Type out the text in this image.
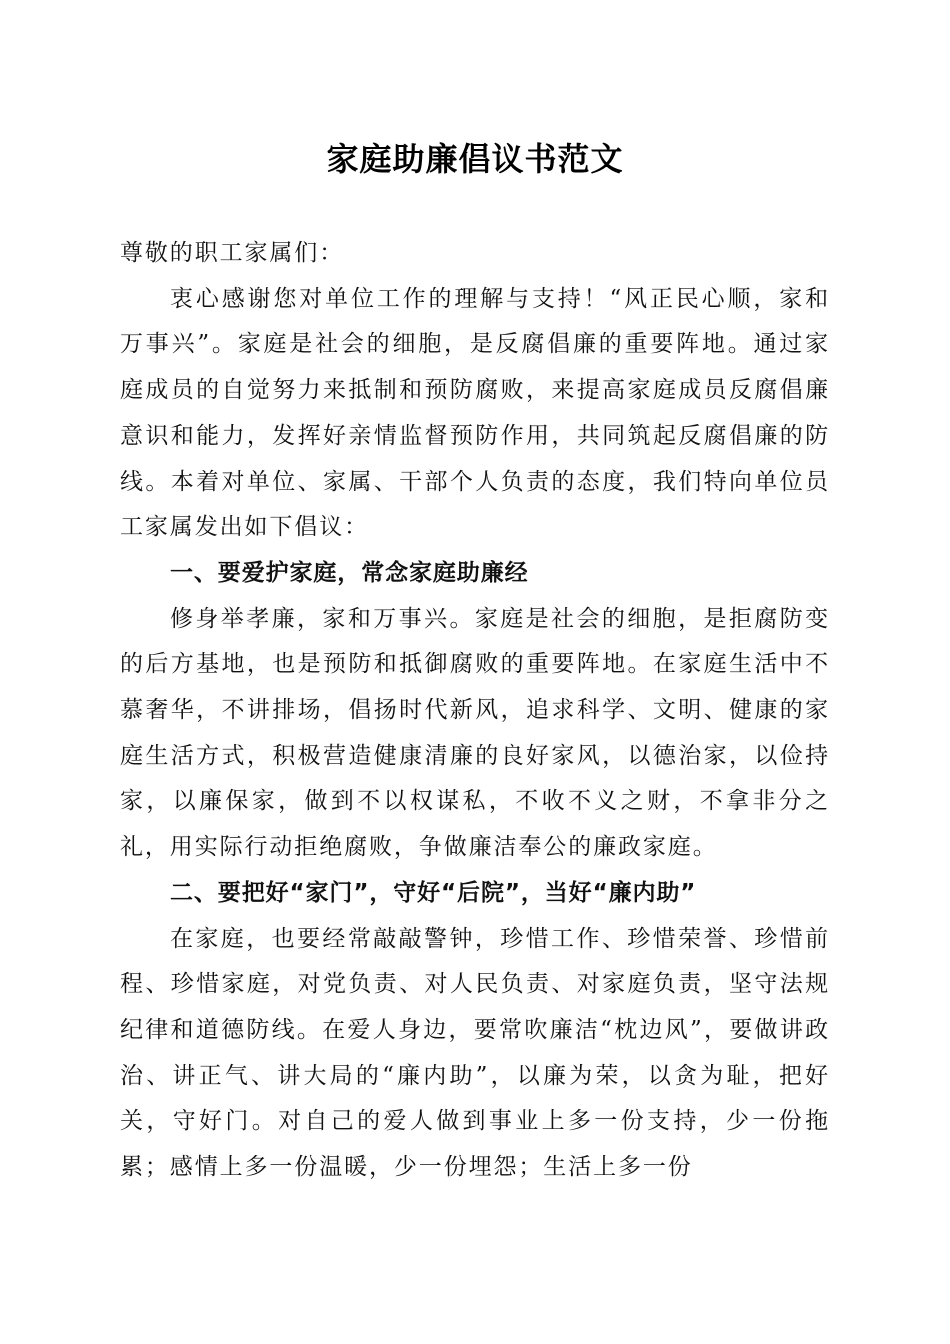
家庭助廉倡议书范文

尊敬的职工家属们：

衷心感谢您对单位工作的理解与支持！“风正民心顺，家和万事兴”。家庭是社会的细胞，是反腐倡廉的重要阵地。通过家庭成员的自觉努力来抵制和预防腐败，来提高家庭成员反腐倡廉意识和能力，发挥好亲情监督预防作用，共同筑起反腐倡廉的防线。本着对单位、家属、干部个人负责的态度，我们特向单位员工家属发出如下倡议：

一、要爱护家庭，常念家庭助廉经

修身举孝廉，家和万事兴。家庭是社会的细胞，是拒腐防变的后方基地，也是预防和抵御腐败的重要阵地。在家庭生活中不慕奢华，不讲排场，倡扬时代新风，追求科学、文明、健康的家庭生活方式，积极营造健康清廉的良好家风，以德治家，以俭持家，以廉保家，做到不以权谋私，不收不义之财，不拿非分之礼，用实际行动拒绝腐败，争做廉洁奉公的廉政家庭。

二、要把好“家门”，守好“后院”，当好“廉内助”

在家庭，也要经常敲敲警钟，珍惜工作、珍惜荣誉、珍惜前程、珍惜家庭，对党负责、对人民负责、对家庭负责，坚守法规纪律和道德防线。在爱人身边，要常吹廉洁“枕边风”，要做讲政治、讲正气、讲大局的“廉内助”，以廉为荣，以贪为耻，把好关，守好门。对自己的爱人做到事业上多一份支持，少一份拖累；感情上多一份温暖，少一份埋怨；生活上多一份
